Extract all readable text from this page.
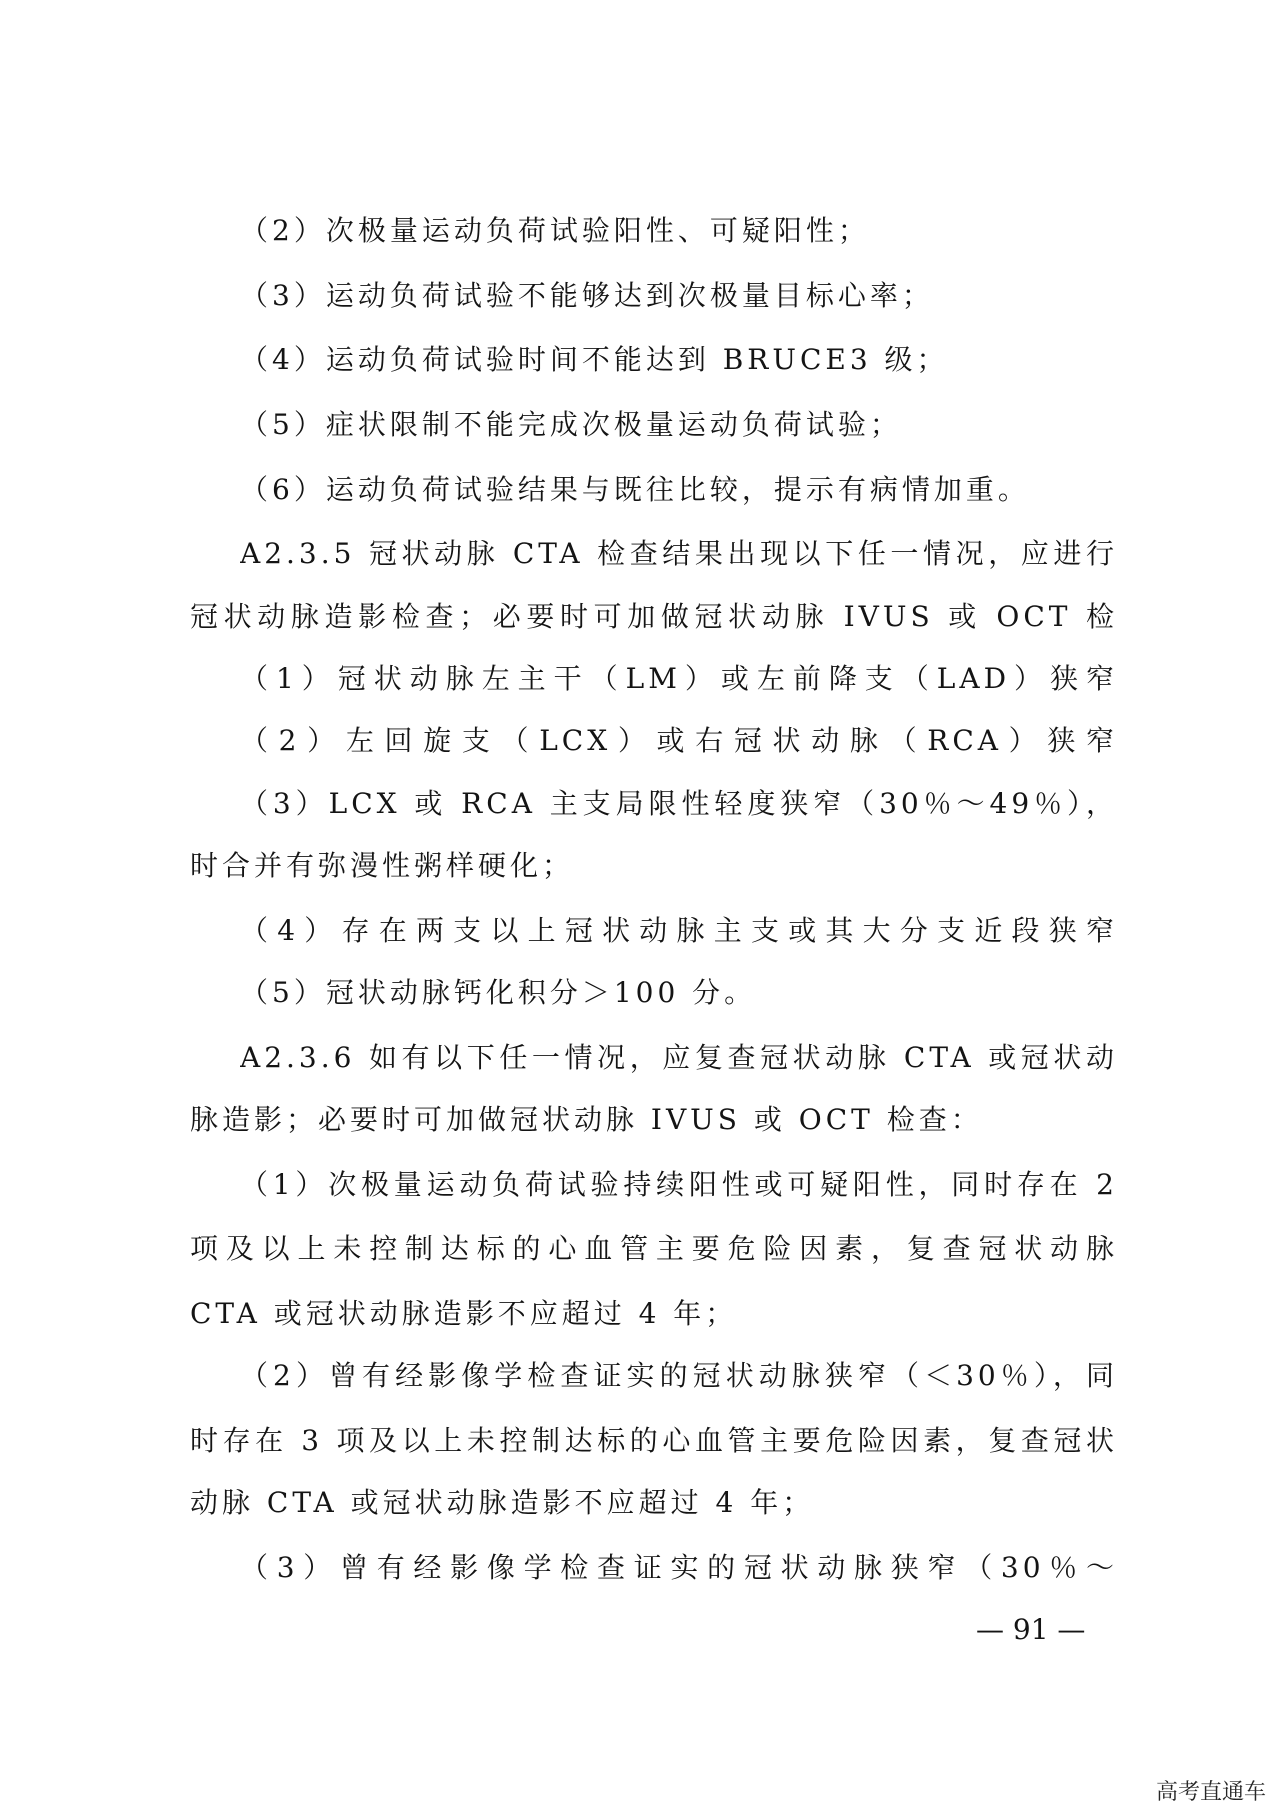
（2）次极量运动负荷试验阳性、可疑阳性；
（3）运动负荷试验不能够达到次极量目标心率；
（4）运动负荷试验时间不能达到 BRUCE3 级；
（5）症状限制不能完成次极量运动负荷试验；
（6）运动负荷试验结果与既往比较，提示有病情加重。
A2.3.5 冠状动脉 CTA 检查结果出现以下任一情况，应进行
冠状动脉造影检查；必要时可加做冠状动脉 IVUS 或 OCT 检
（1）冠状动脉左主干（LM）或左前降支（LAD）狭窄
（2）左回旋支（LCX）或右冠状动脉（RCA）狭窄
（3）LCX 或 RCA 主支局限性轻度狭窄（30％～49％），
时合并有弥漫性粥样硬化；
（4）存在两支以上冠状动脉主支或其大分支近段狭窄
（5）冠状动脉钙化积分＞100 分。
A2.3.6 如有以下任一情况，应复查冠状动脉 CTA 或冠状动
脉造影；必要时可加做冠状动脉 IVUS 或 OCT 检查：
（1）次极量运动负荷试验持续阳性或可疑阳性，同时存在 2
项及以上未控制达标的心血管主要危险因素，复查冠状动脉
CTA 或冠状动脉造影不应超过 4 年；
（2）曾有经影像学检查证实的冠状动脉狭窄（＜30％），同
时存在 3 项及以上未控制达标的心血管主要危险因素，复查冠状
动脉 CTA 或冠状动脉造影不应超过 4 年；
（3）曾有经影像学检查证实的冠状动脉狭窄（30％～
— 91 —
高考直通车
